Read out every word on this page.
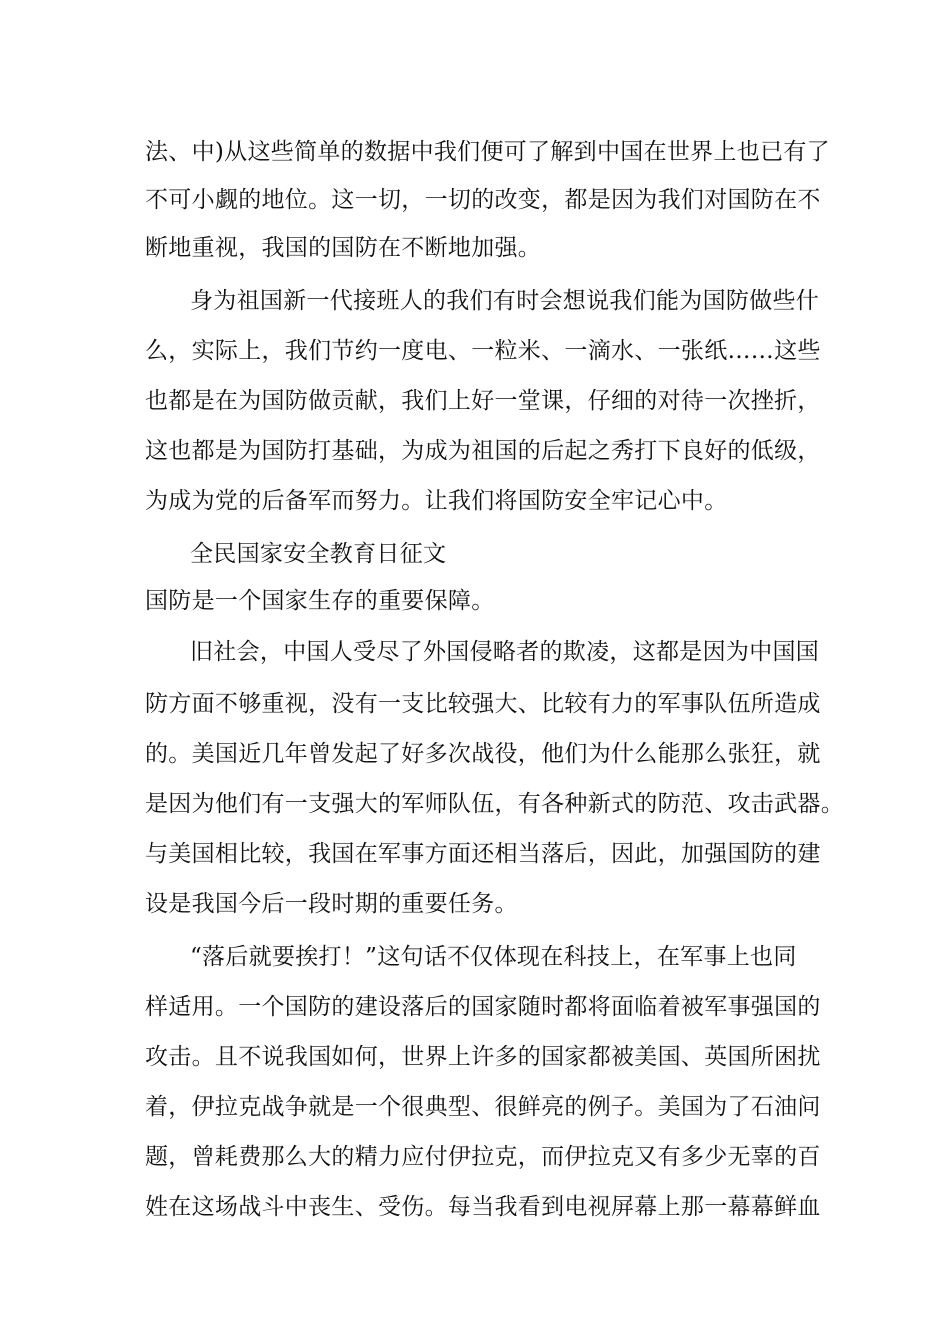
法、中)从这些简单的数据中我们便可了解到中国在世界上也已有了
不可小觑的地位。这一切，一切的改变，都是因为我们对国防在不
断地重视，我国的国防在不断地加强。
身为祖国新一代接班人的我们有时会想说我们能为国防做些什
么，实际上，我们节约一度电、一粒米、一滴水、一张纸……这些
也都是在为国防做贡献，我们上好一堂课，仔细的对待一次挫折，
这也都是为国防打基础，为成为祖国的后起之秀打下良好的低级，
为成为党的后备军而努力。让我们将国防安全牢记心中。
全民国家安全教育日征文
国防是一个国家生存的重要保障。
旧社会，中国人受尽了外国侵略者的欺凌，这都是因为中国国
防方面不够重视，没有一支比较强大、比较有力的军事队伍所造成
的。美国近几年曾发起了好多次战役，他们为什么能那么张狂，就
是因为他们有一支强大的军师队伍，有各种新式的防范、攻击武器。
与美国相比较，我国在军事方面还相当落后，因此，加强国防的建
设是我国今后一段时期的重要任务。
“落后就要挨打！”这句话不仅体现在科技上，在军事上也同
样适用。一个国防的建设落后的国家随时都将面临着被军事强国的
攻击。且不说我国如何，世界上许多的国家都被美国、英国所困扰
着，伊拉克战争就是一个很典型、很鲜亮的例子。美国为了石油问
题，曾耗费那么大的精力应付伊拉克，而伊拉克又有多少无辜的百
姓在这场战斗中丧生、受伤。每当我看到电视屏幕上那一幕幕鲜血
